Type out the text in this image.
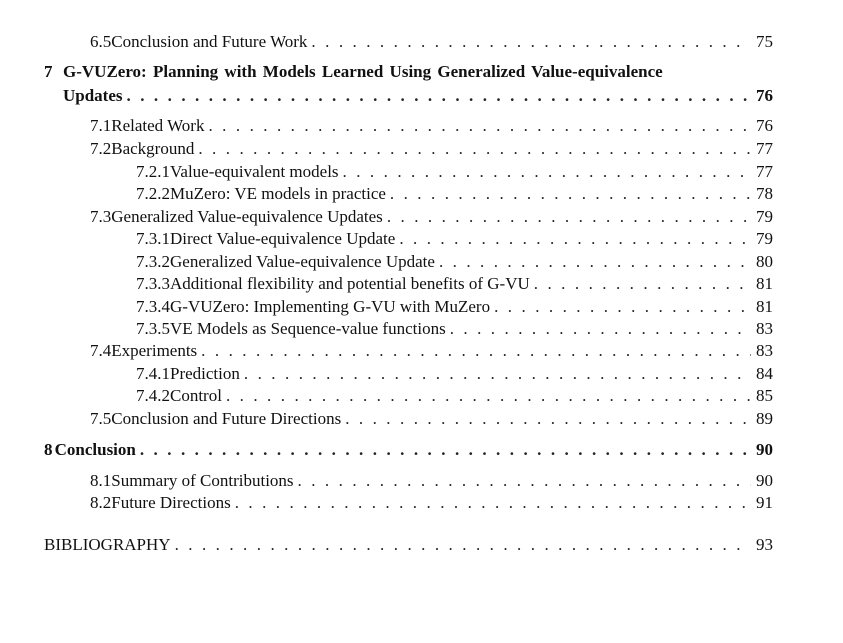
6.5 Conclusion and Future Work . . .	75
7 G-VUZero: Planning with Models Learned Using Generalized Value-equivalence
Updates . . .	76
7.1 Related Work . . .	76
7.2 Background . . .	77
7.2.1 Value-equivalent models . . .	77
7.2.2 MuZero: VE models in practice . . .	78
7.3 Generalized Value-equivalence Updates . . .	79
7.3.1 Direct Value-equivalence Update . . .	79
7.3.2 Generalized Value-equivalence Update . . .	80
7.3.3 Additional flexibility and potential benefits of G-VU . . .	81
7.3.4 G-VUZero: Implementing G-VU with MuZero . . .	81
7.3.5 VE Models as Sequence-value functions . . .	83
7.4 Experiments . . .	83
7.4.1 Prediction . . .	84
7.4.2 Control . . .	85
7.5 Conclusion and Future Directions . . .	89
8 Conclusion . . .	90
8.1 Summary of Contributions . . .	90
8.2 Future Directions . . .	91
BIBLIOGRAPHY . . .	93
